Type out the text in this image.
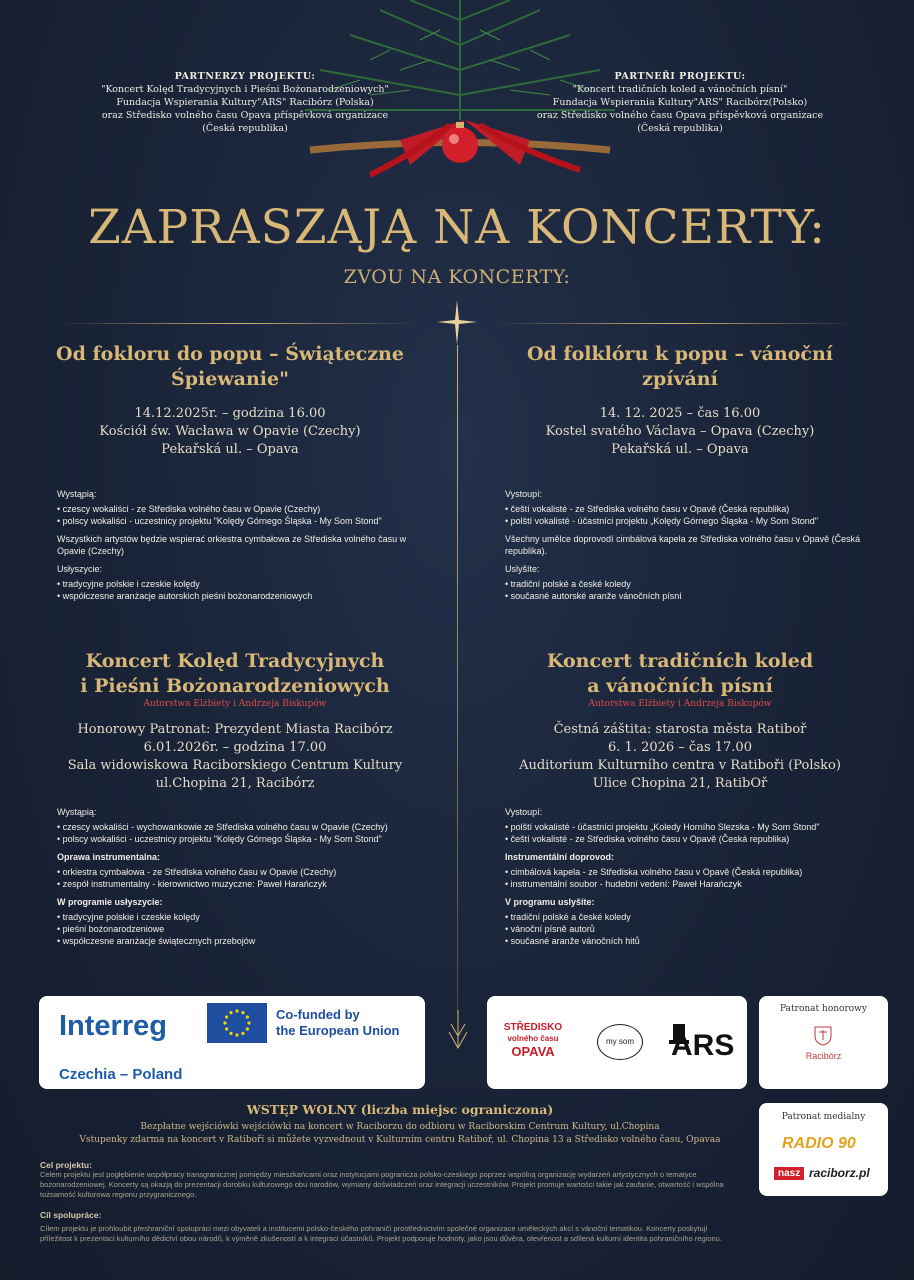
PARTNERZY PROJEKTU:
"Koncert Kolęd Tradycyjnych i Pieśni Bożonarodzeniowych"
Fundacja Wspierania Kultury"ARS" Racibórz (Polska)
oraz Středisko volného času Opava příspěvková organizace
(Česká republika)
PARTNEŘI PROJEKTU:
"Koncert tradičních koled a vánočních písní"
Fundacja Wspierania Kultury"ARS" Racibórz(Polsko)
oraz Středisko volného času Opava příspěvková organizace
(Česká republika)
ZAPRASZAJĄ NA KONCERTY:
ZVOU NA KONCERTY:
Od fokloru do popu – Świąteczne
Śpiewanie"
14.12.2025r. – godzina 16.00
Kościół św. Wacława w Opavie (Czechy)
Pekařská ul. – Opava
Od folklóru k popu – vánoční
zpívání
14. 12. 2025 – čas 16.00
Kostel svatého Václava – Opava (Czechy)
Pekařská ul. – Opava
Wystąpią:

• czescy wokaliści - ze Střediska volného času w Opavie (Czechy)

• polscy wokaliści - uczestnicy projektu "Kolędy Górnego Śląska - My Som Stond"

Wszystkich artystów będzie wspierać orkiestra cymbałowa ze Střediska volného času w Opavie (Czechy)

Usłyszycie:

• tradycyjne polskie i czeskie kolędy

• współczesne aranżacje autorskich pieśni bożonarodzeniowych

Vystoupí:

• čeští vokalisté - ze Střediska volného času v Opavě (Česká republika)

• polští vokalisté - účastníci projektu „Kolędy Górnego Śląska - My Som Stond"

Všechny umělce doprovodí cimbálová kapela ze Střediska volného času v Opavě (Česká republika).

Uslyšíte:

• tradiční polské a české koledy

• současné autorské aranže vánočních písní

Koncert Kolęd Tradycyjnych
i Pieśni Bożonarodzeniowych
Autorstwa Elżbiety i Andrzeja Biskupów
Honorowy Patronat: Prezydent Miasta Racibórz
6.01.2026r. – godzina 17.00
Sala widowiskowa Raciborskiego Centrum Kultury
ul.Chopina 21, Racibórz
Koncert tradičních koled
a vánočních písní
Autorstwa Elżbiety i Andrzeja Biskupów
Čestná záštita: starosta města Ratiboř
6. 1. 2026 – čas 17.00
Auditorium Kulturního centra v Ratiboři (Polsko)
Ulice Chopina 21, RatibOř
Wystąpią:

• czescy wokaliści - wychowankowie ze Střediska volného času w Opavie (Czechy)

• polscy wokaliści - uczestnicy projektu "Kolędy Górnego Śląska - My Som Stond"

Oprawa instrumentalna:

• orkiestra cymbałowa - ze Střediska volného času w Opavie (Czechy)

• zespół instrumentalny - kierownictwo muzyczne: Paweł Harańczyk

W programie usłyszycie:

• tradycyjne polskie i czeskie kolędy

• pieśni bożonarodzeniowe

• współczesne aranżacje świątecznych przebojów

Vystoupí:

• polští vokalisté - účastníci projektu „Koledy Horního Slezska - My Som Stond"

• čeští vokalisté - ze Střediska volného času v Opavě (Česká republika)

Instrumentální doprovod:

• cimbálová kapela - ze Střediska volného času v Opavě (Česká republika)

• instrumentální soubor - hudební vedení: Paweł Harańczyk

V programu uslyšíte:

• tradiční polské a české koledy

• vánoční písně autorů

• současné aranže vánočních hitů

Interreg	Co-funded by
the European Union
Czechia – Poland
STŘEDISKO
volného času
OPAVA
my som	ARS
Patronat honorowy
Racibórz
Patronat medialny
RADIO 90
nasz raciborz.pl
WSTĘP WOLNY (liczba miejsc ograniczona)
Bezpłatne wejściówki wejściówki na koncert w Raciborzu do odbioru w Raciborskim Centrum Kultury, ul.Chopina
Vstupenky zdarma na koncert v Ratiboři si můžete vyzvednout v Kulturním centru Ratiboř, ul. Chopina 13 a Středisko volného času, Opavaa
Cel projektu:
Celem projektu jest pogłębienie współpracy transgranicznej pomiędzy mieszkańcami oraz instytucjami pogranicza polsko-czeskiego poprzez wspólną organizację wydarzeń artystycznych o tematyce bożonarodzeniowej. Koncerty są okazją do prezentacji dorobku kulturowego obu narodów, wymiany doświadczeń oraz integracji uczestników. Projekt promuje wartości takie jak zaufanie, otwartość i wspólna tożsamość kulturowa regionu przygranicznego.
Cíl spolupráce:
Cílem projektu je prohloubit přeshraniční spolupráci mezi obyvateli a institucemi polsko-českého pohraničí prostřednictvím společné organizace uměleckých akcí s vánoční tematikou. Koncerty poskytují příležitost k prezentaci kulturního dědictví obou národů, k výměně zkušeností a k integraci účastníků. Projekt podporuje hodnoty, jako jsou důvěra, otevřenost a sdílená kulturní identita pohraničního regionu.
